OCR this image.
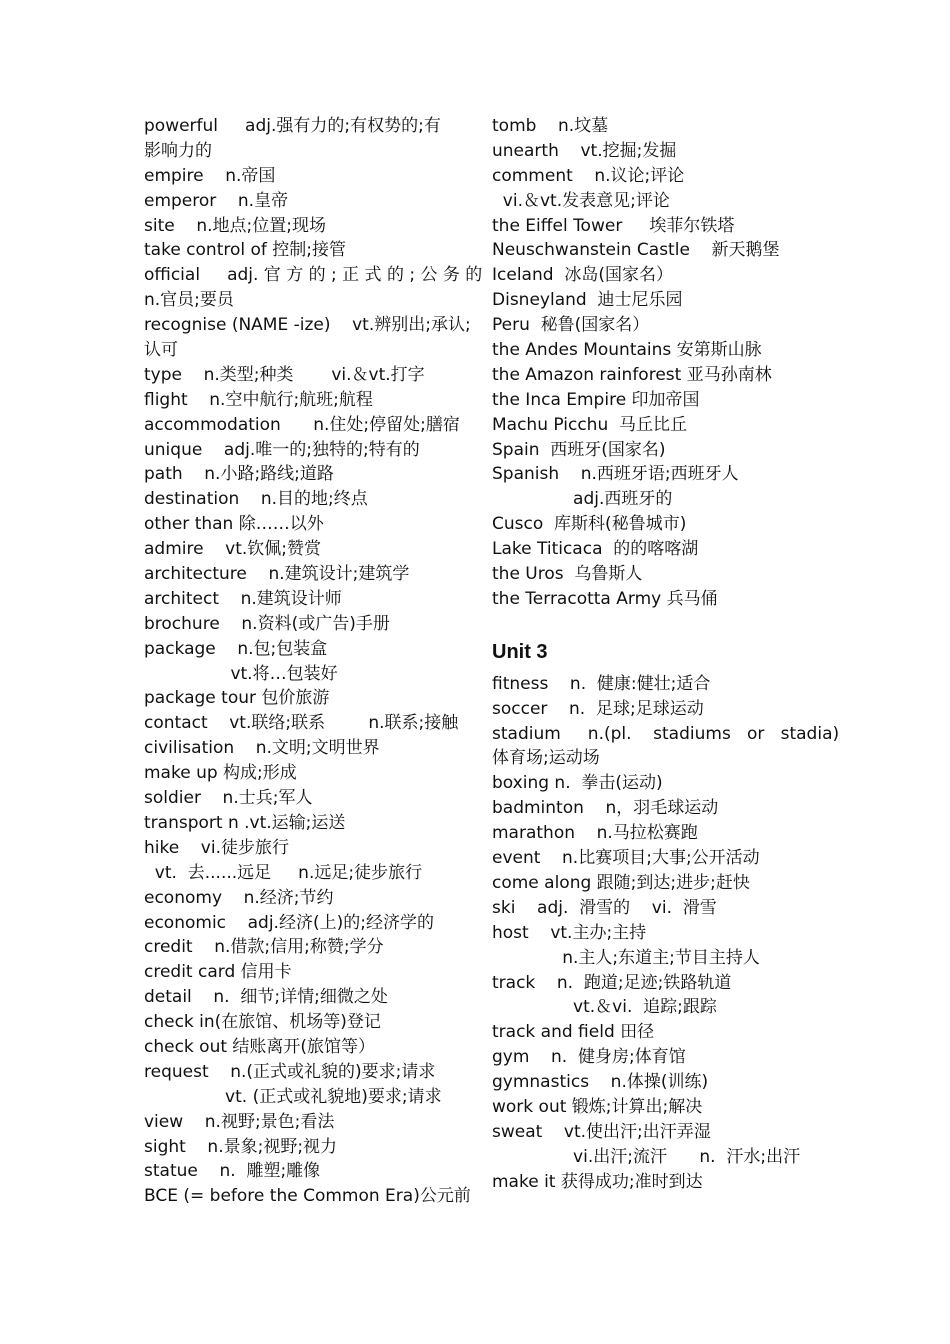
powerful     adj.强有力的;有权势的;有
影响力的
empire    n.帝国
emperor    n.皇帝
site    n.地点;位置;现场
take control of 控制;接管
official     adj. 官 方 的 ; 正 式 的 ; 公 务 的
n.官员;要员
recognise (NAME -ize)    vt.辨别出;承认;
认可
type    n.类型;种类       vi.＆vt.打字
flight    n.空中航行;航班;航程
accommodation      n.住处;停留处;膳宿
unique    adj.唯一的;独特的;特有的
path    n.小路;路线;道路
destination    n.目的地;终点
other than 除……以外
admire    vt.钦佩;赞赏
architecture    n.建筑设计;建筑学
architect    n.建筑设计师
brochure    n.资料(或广告)手册
package    n.包;包装盒
vt.将…包装好
package tour 包价旅游
contact    vt.联络;联系        n.联系;接触
civilisation    n.文明;文明世界
make up 构成;形成
soldier    n.士兵;军人
transport n .vt.运输;运送
hike    vi.徒步旅行
vt.  去......远足     n.远足;徒步旅行
economy    n.经济;节约
economic    adj.经济(上)的;经济学的
credit    n.借款;信用;称赞;学分
credit card 信用卡
detail    n.  细节;详情;细微之处
check in(在旅馆、机场等)登记
check out 结账离开(旅馆等）
request    n.(正式或礼貌的)要求;请求
vt. (正式或礼貌地)要求;请求
view    n.视野;景色;看法
sight    n.景象;视野;视力
statue    n.  雕塑;雕像
BCE (= before the Common Era)公元前
tomb    n.坟墓
unearth    vt.挖掘;发掘
comment    n.议论;评论
vi.＆vt.发表意见;评论
the Eiffel Tower     埃菲尔铁塔
Neuschwanstein Castle    新天鹅堡
Iceland  冰岛(国家名）
Disneyland  迪士尼乐园
Peru  秘鲁(国家名）
the Andes Mountains 安第斯山脉
the Amazon rainforest 亚马孙南林
the Inca Empire 印加帝国
Machu Picchu  马丘比丘
Spain  西班牙(国家名)
Spanish    n.西班牙语;西班牙人
adj.西班牙的
Cusco  库斯科(秘鲁城市)
Lake Titicaca  的的喀喀湖
the Uros  乌鲁斯人
the Terracotta Army 兵马俑
Unit 3
fitness    n.  健康:健壮;适合
soccer    n.  足球;足球运动
stadium     n.(pl.    stadiums   or   stadia)
体育场;运动场
boxing n.  拳击(运动)
badminton    n，羽毛球运动
marathon    n.马拉松赛跑
event    n.比赛项目;大事;公开活动
come along 跟随;到达;进步;赶快
ski    adj.  滑雪的    vi.  滑雪
host    vt.主办;主持
n.主人;东道主;节目主持人
track    n.  跑道;足迹;铁路轨道
vt.＆vi.  追踪;跟踪
track and field 田径
gym    n.  健身房;体育馆
gymnastics    n.体操(训练)
work out 锻炼;计算出;解决
sweat    vt.使出汗;出汗弄湿
vi.出汗;流汗      n.  汗水;出汗
make it 获得成功;准时到达
